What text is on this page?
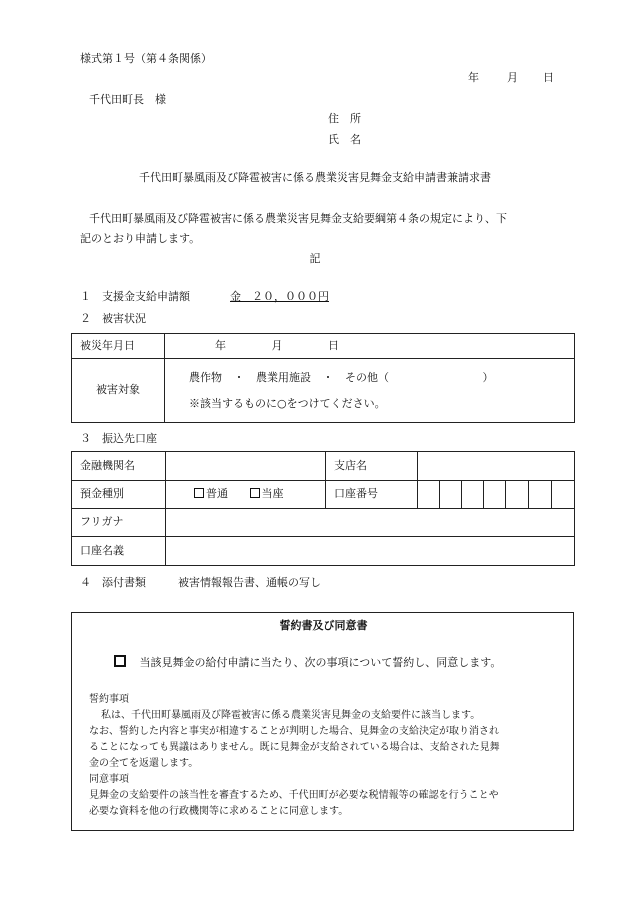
様式第１号（第４条関係）
年	月 日
千代田町長　様
住　所
氏　名
千代田町暴風雨及び降雹被害に係る農業災害見舞金支給申請書兼請求書
千代田町暴風雨及び降雹被害に係る農業災害見舞金支給要綱第４条の規定により、下
記のとおり申請します。
記
１　支援金支給申請額	金　２０，０００円
２　被害状況
被災年月日	年 月 日
被害対象	農作物 ・ 農業用施設 ・ その他（ ）
※該当するものに○をつけてください。
３　振込先口座
金融機関名		支店名							
預金種別	普通 当座	口座番号							
フリガナ									
口座名義									
４　添付書類	被害情報報告書、通帳の写し
誓約書及び同意書
当該見舞金の給付申請に当たり、次の事項について誓約し、同意します。
誓約事項
私は、千代田町暴風雨及び降雹被害に係る農業災害見舞金の支給要件に該当します。
なお、誓約した内容と事実が相違することが判明した場合、見舞金の支給決定が取り消され
ることになっても異議はありません。既に見舞金が支給されている場合は、支給された見舞
金の全てを返還します。
同意事項
見舞金の支給要件の該当性を審査するため、千代田町が必要な税情報等の確認を行うことや
必要な資料を他の行政機関等に求めることに同意します。
